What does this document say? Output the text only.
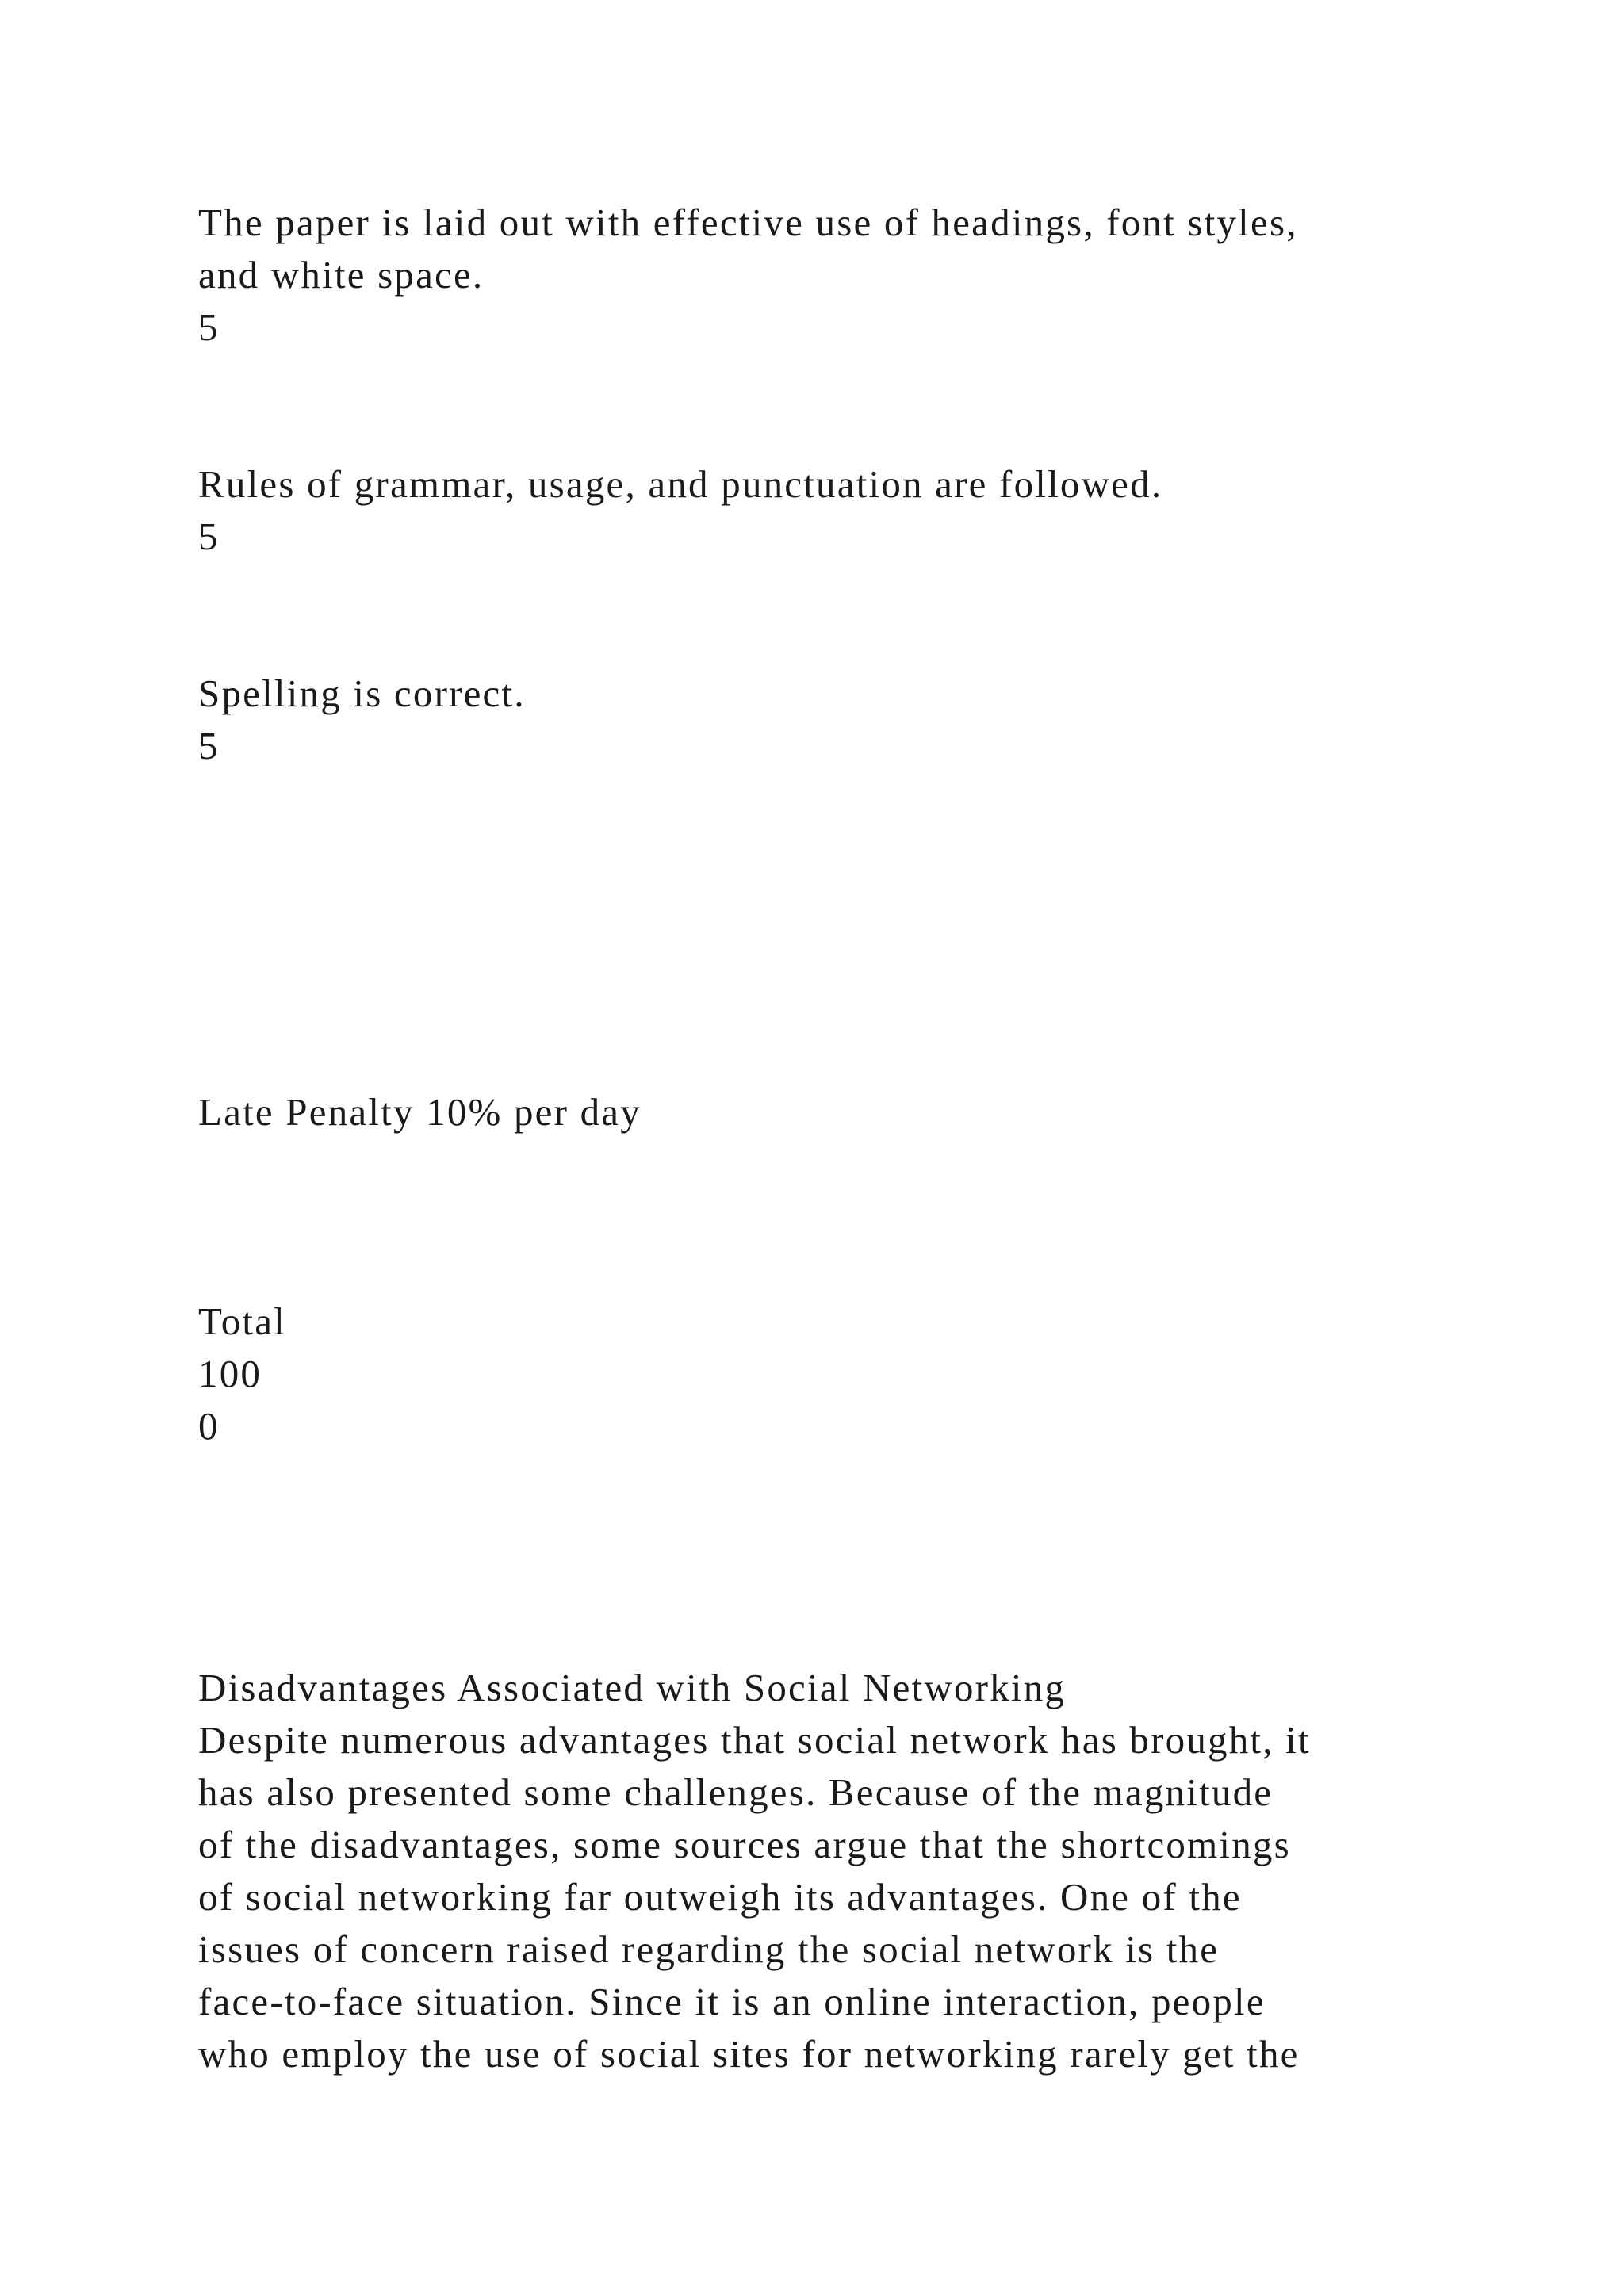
The paper is laid out with effective use of headings, font styles,

and white space.

5

Rules of grammar, usage, and punctuation are followed.

5

Spelling is correct.

5

Late Penalty 10% per day

Total

100

0

Disadvantages Associated with Social Networking

Despite numerous advantages that social network has brought, it

has also presented some challenges. Because of the magnitude

of the disadvantages, some sources argue that the shortcomings

of social networking far outweigh its advantages. One of the

issues of concern raised regarding the social network is the

face-to-face situation. Since it is an online interaction, people

who employ the use of social sites for networking rarely get the
